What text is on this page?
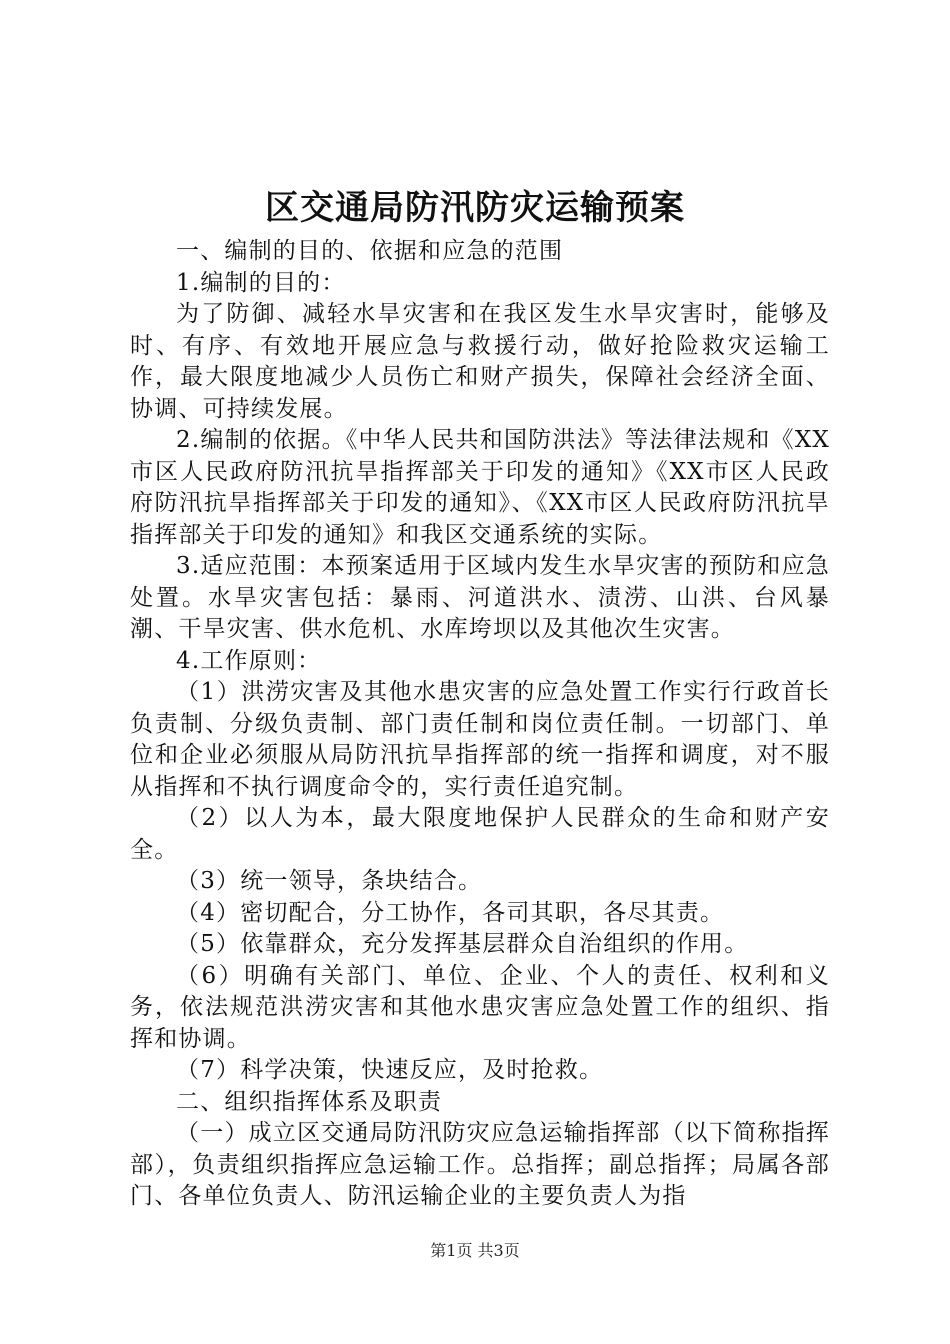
区交通局防汛防灾运输预案

一、编制的目的、依据和应急的范围

1.编制的目的：

为了防御、减轻水旱灾害和在我区发生水旱灾害时，能够及时、有序、有效地开展应急与救援行动，做好抢险救灾运输工作，最大限度地减少人员伤亡和财产损失，保障社会经济全面、协调、可持续发展。

2.编制的依据。《中华人民共和国防洪法》等法律法规和《XX市区人民政府防汛抗旱指挥部关于印发的通知》《XX市区人民政府防汛抗旱指挥部关于印发的通知》、《XX市区人民政府防汛抗旱指挥部关于印发的通知》和我区交通系统的实际。

3.适应范围：本预案适用于区域内发生水旱灾害的预防和应急处置。水旱灾害包括：暴雨、河道洪水、渍涝、山洪、台风暴潮、干旱灾害、供水危机、水库垮坝以及其他次生灾害。

4.工作原则：

（1）洪涝灾害及其他水患灾害的应急处置工作实行行政首长负责制、分级负责制、部门责任制和岗位责任制。一切部门、单位和企业必须服从局防汛抗旱指挥部的统一指挥和调度，对不服从指挥和不执行调度命令的，实行责任追究制。

（2）以人为本，最大限度地保护人民群众的生命和财产安全。

（3）统一领导，条块结合。

（4）密切配合，分工协作，各司其职，各尽其责。

（5）依靠群众，充分发挥基层群众自治组织的作用。

（6）明确有关部门、单位、企业、个人的责任、权利和义务，依法规范洪涝灾害和其他水患灾害应急处置工作的组织、指挥和协调。

（7）科学决策，快速反应，及时抢救。

二、组织指挥体系及职责

（一）成立区交通局防汛防灾应急运输指挥部（以下简称指挥部），负责组织指挥应急运输工作。总指挥；副总指挥；局属各部门、各单位负责人、防汛运输企业的主要负责人为指

第1页 共3页
